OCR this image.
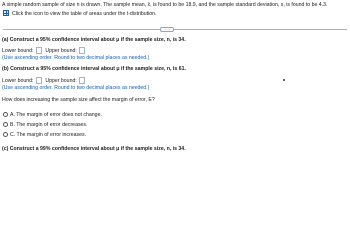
A simple random sample of size n is drawn. The sample mean, x̄, is found to be 18.9, and the sample standard deviation, s, is found to be 4.3.
Click the icon to view the table of areas under the t-distribution.
·····
(a) Construct a 95% confidence interval about μ if the sample size, n, is 34.
Lower bound: Upper bound:
(Use ascending order. Round to two decimal places as needed.)
(b) Construct a 95% confidence interval about μ if the sample size, n, is 61.
Lower bound: Upper bound:
(Use ascending order. Round to two decimal places as needed.)
How does increasing the sample size affect the margin of error, E?
A. The margin of error does not change.
B. The margin of error decreases.
C. The margin of error increases.
(c) Construct a 99% confidence interval about μ if the sample size, n, is 34.
